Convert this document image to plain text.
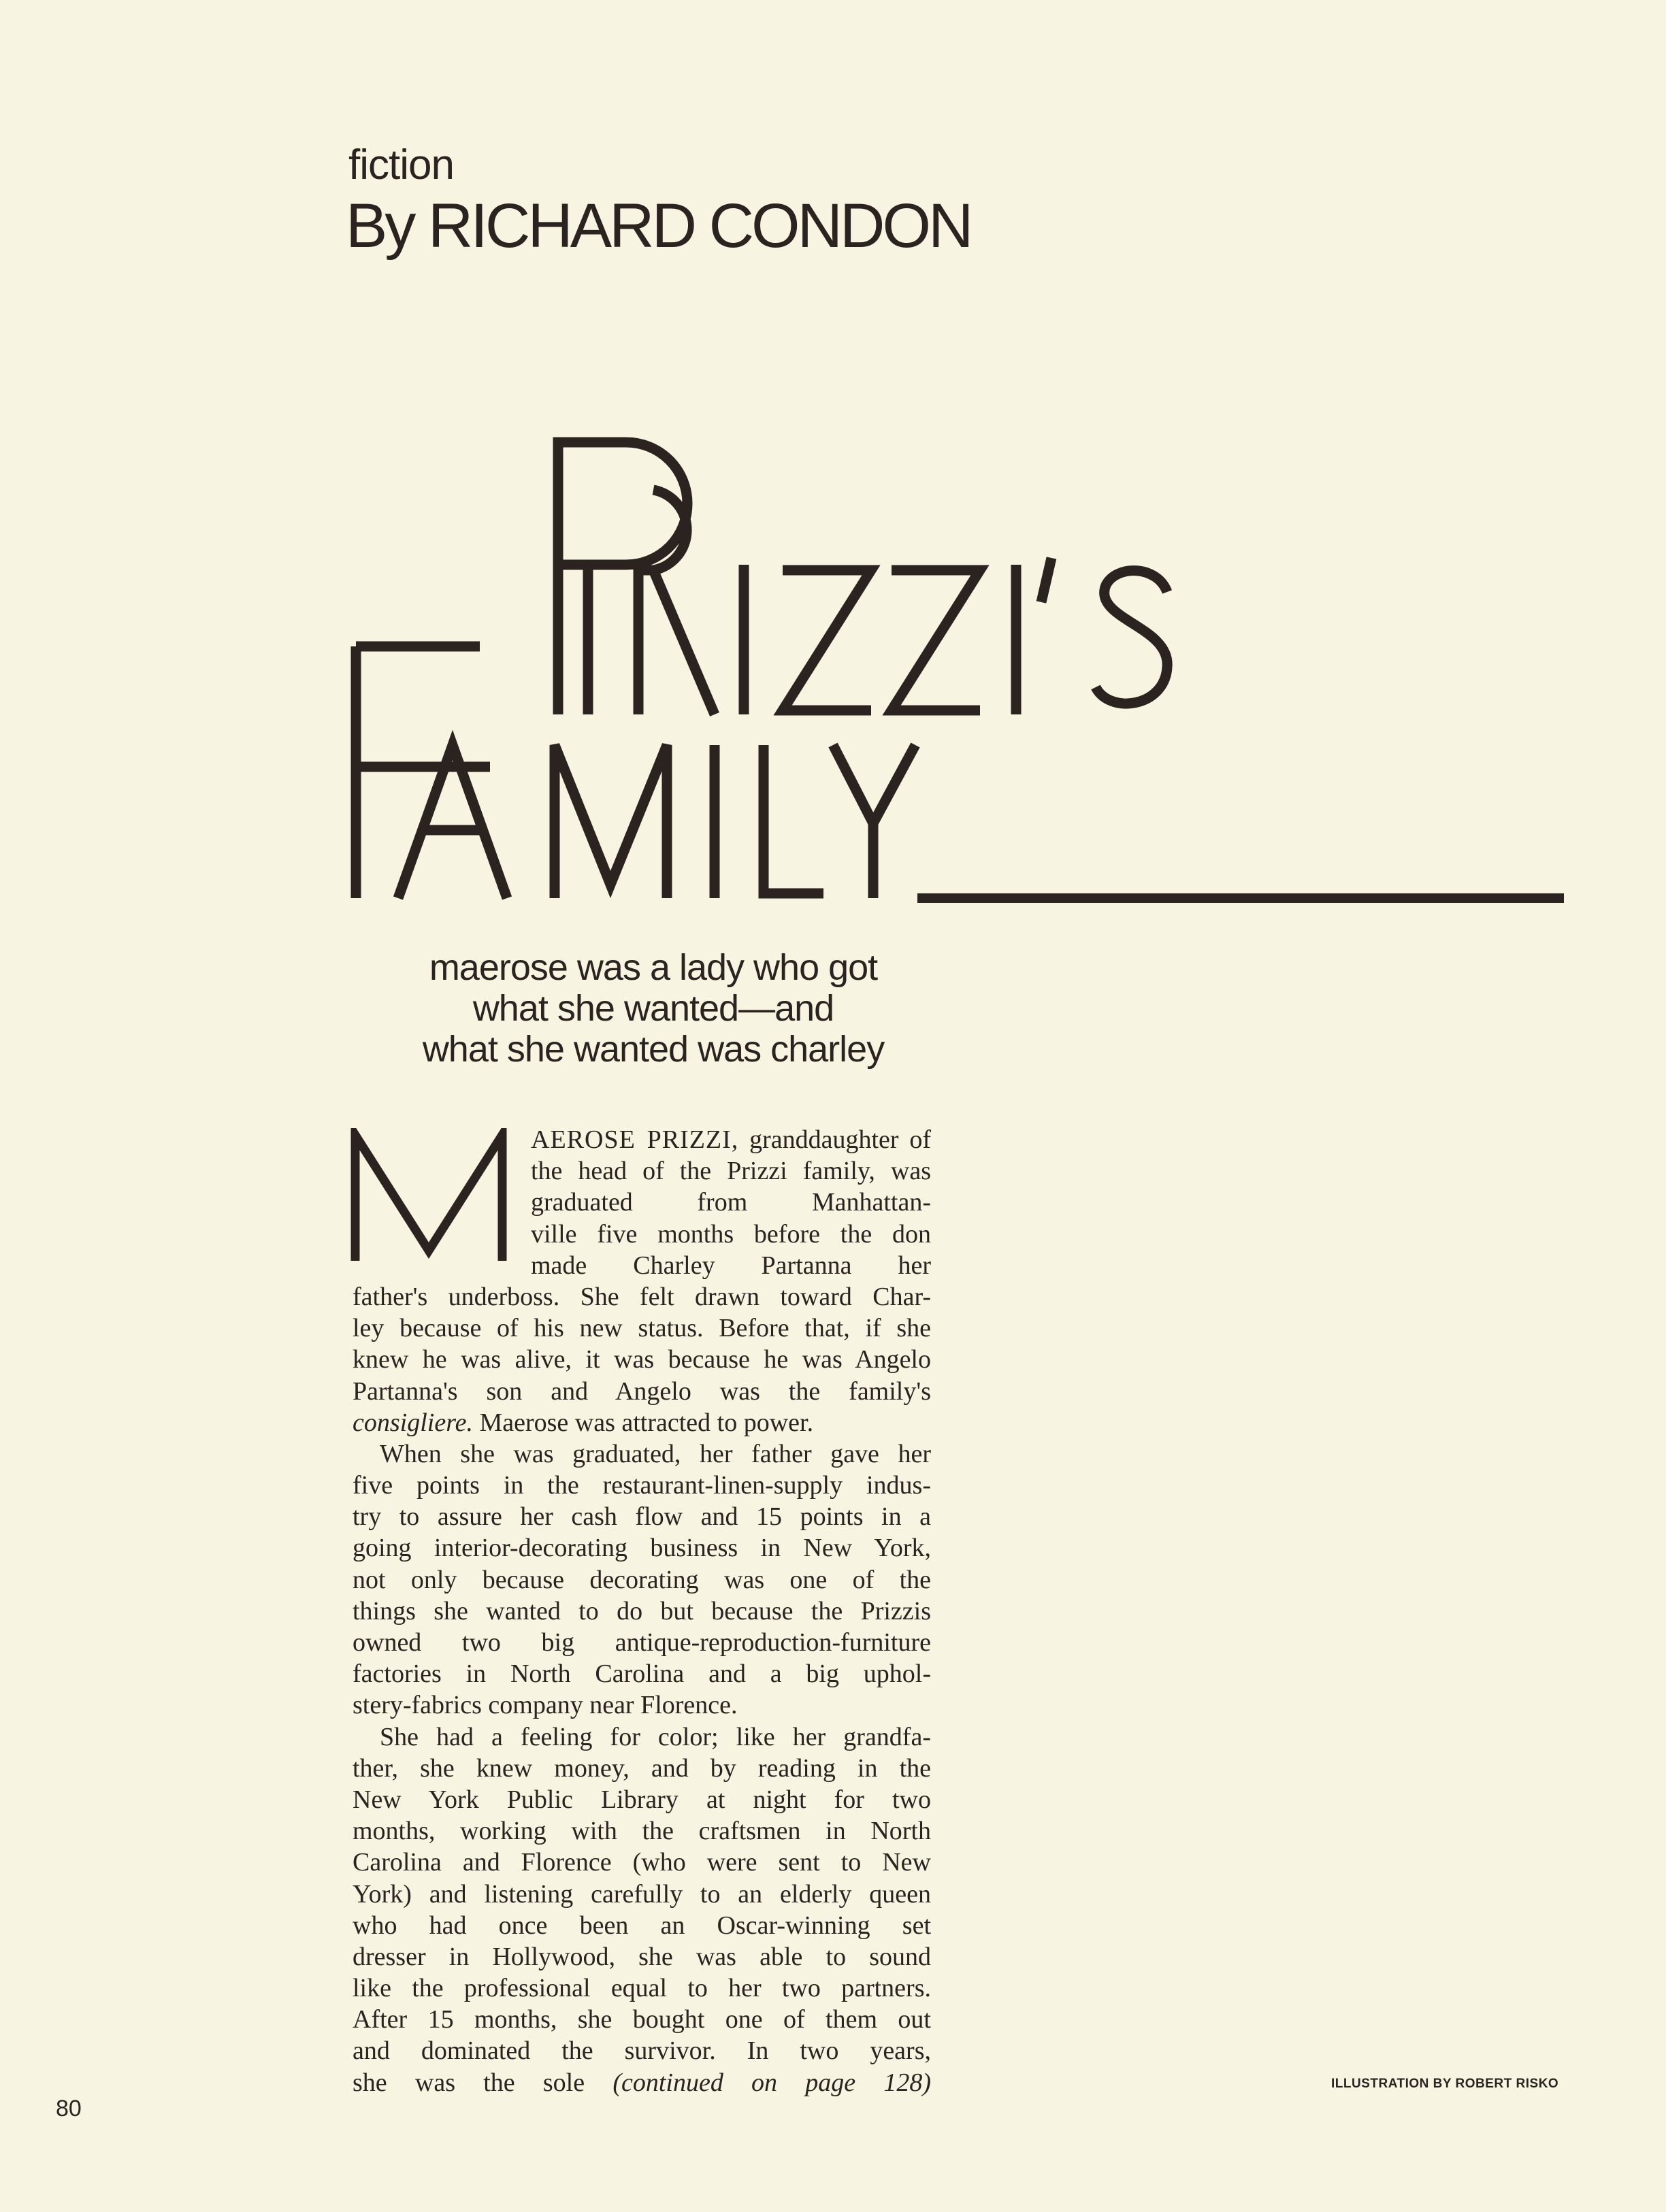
fiction
By RICHARD CONDON
maerose was a lady who got
what she wanted—and
what she wanted was charley
AEROSE PRIZZI, granddaughter of
the head of the Prizzi family, was
graduated from Manhattan-
ville five months before the don
made Charley Partanna her
father's underboss. She felt drawn toward Char-
ley because of his new status. Before that, if she
knew he was alive, it was because he was Angelo
Partanna's son and Angelo was the family's
consigliere. Maerose was attracted to power.
When she was graduated, her father gave her
five points in the restaurant-linen-supply indus-
try to assure her cash flow and 15 points in a
going interior-decorating business in New York,
not only because decorating was one of the
things she wanted to do but because the Prizzis
owned two big antique-reproduction-furniture
factories in North Carolina and a big uphol-
stery-fabrics company near Florence.
She had a feeling for color; like her grandfa-
ther, she knew money, and by reading in the
New York Public Library at night for two
months, working with the craftsmen in North
Carolina and Florence (who were sent to New
York) and listening carefully to an elderly queen
who had once been an Oscar-winning set
dresser in Hollywood, she was able to sound
like the professional equal to her two partners.
After 15 months, she bought one of them out
and dominated the survivor. In two years,
she was the sole (continued on page 128)
80
ILLUSTRATION BY ROBERT RISKO
